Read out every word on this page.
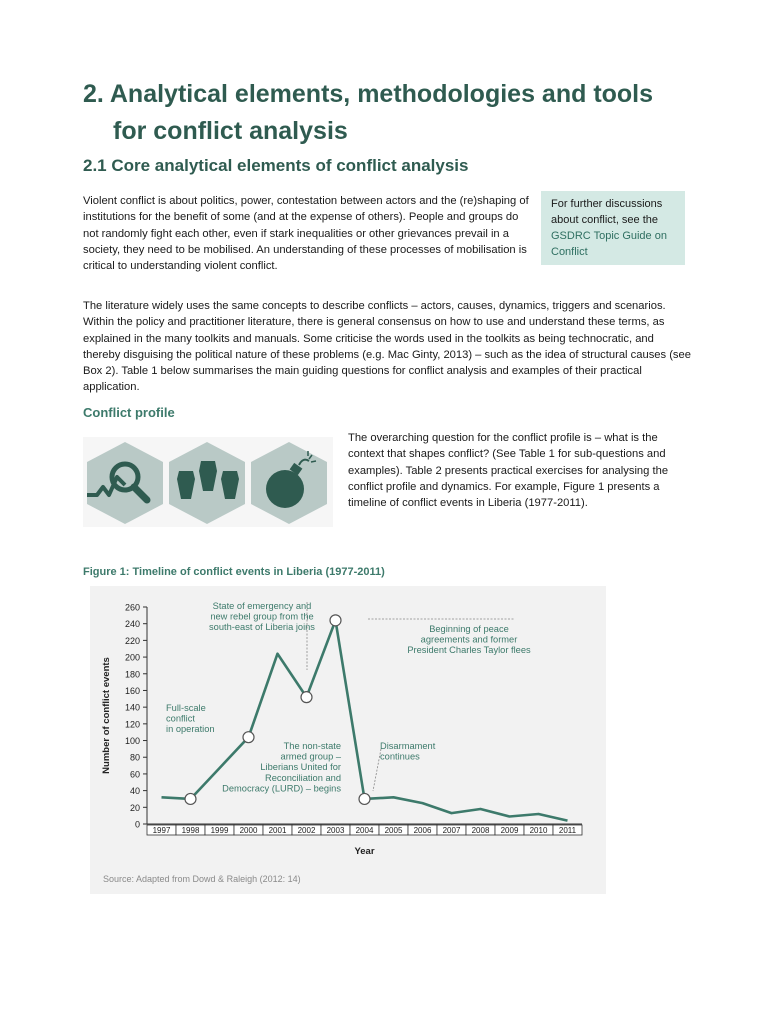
2. Analytical elements, methodologies and tools
for conflict analysis
2.1 Core analytical elements of conflict analysis
Violent conflict is about politics, power, contestation between actors and the (re)shaping of institutions for the benefit of some (and at the expense of others). People and groups do not randomly fight each other, even if stark inequalities or other grievances prevail in a society, they need to be mobilised. An understanding of these processes of mobilisation is critical to understanding violent conflict.
For further discussions about conflict, see the GSDRC Topic Guide on Conflict
The literature widely uses the same concepts to describe conflicts – actors, causes, dynamics, triggers and scenarios. Within the policy and practitioner literature, there is general consensus on how to use and understand these terms, as explained in the many toolkits and manuals. Some criticise the words used in the toolkits as being technocratic, and thereby disguising the political nature of these problems (e.g. Mac Ginty, 2013) – such as the idea of structural causes (see Box 2). Table 1 below summarises the main guiding questions for conflict analysis and examples of their practical application.
Conflict profile
The overarching question for the conflict profile is – what is the context that shapes conflict? (See Table 1 for sub-questions and examples). Table 2 presents practical exercises for analysing the conflict profile and dynamics. For example, Figure 1 presents a timeline of conflict events in Liberia (1977-2011).
Figure 1: Timeline of conflict events in Liberia (1977-2011)
0
20
40
60
80
100
120
140
160
180
200
220
240
260
1997 1998 1999 2000 2001 2002 2003 2004 2005 2006 2007 2008 2009 2010 2011
Year
Number of conflict events	Full-scale
conflict
in operation
The non-state
armed group –
Liberians United for
Reconciliation and
Democracy (LURD) – begins
State of emergency and
new rebel group from the
south-east of Liberia joins	Beginning of peace
agreements and former
President Charles Taylor flees
Disarmament
continues
Source: Adapted from Dowd & Raleigh (2012: 14)
